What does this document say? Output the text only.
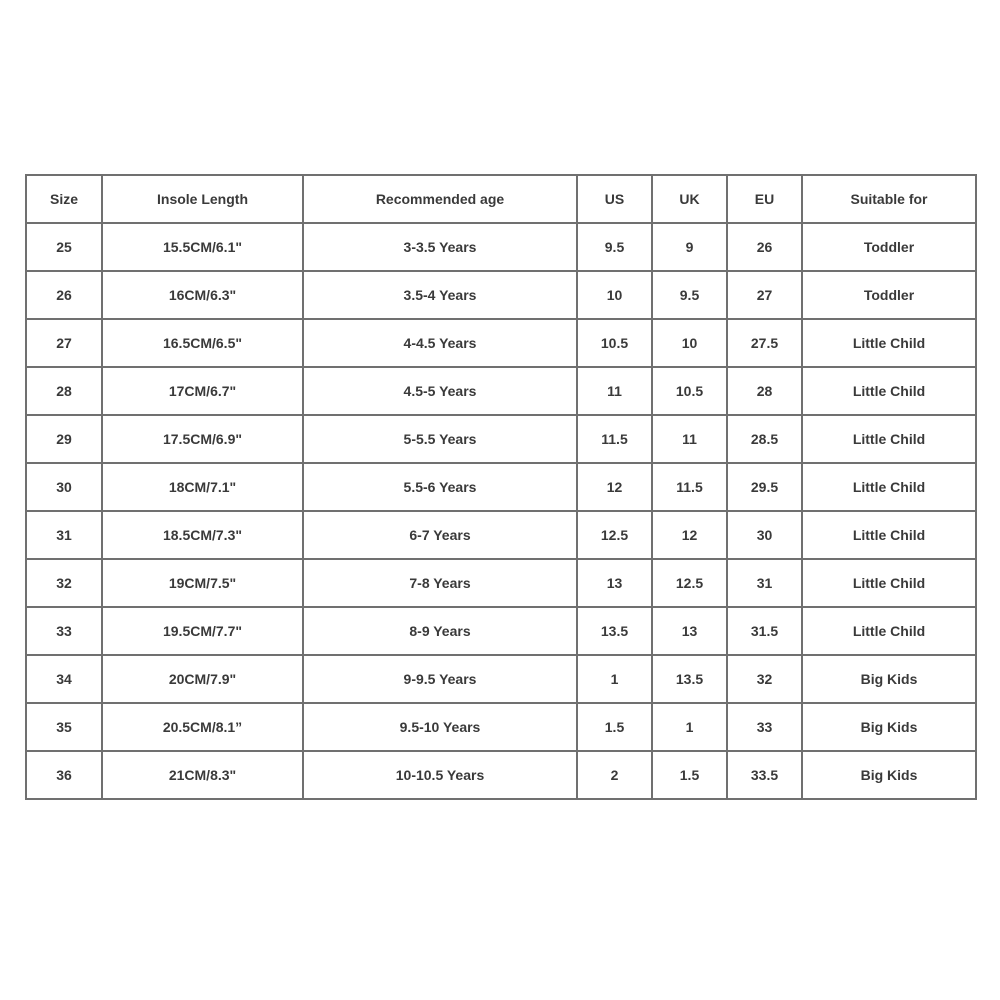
Size	Insole Length	Recommended age	US	UK	EU	Suitable for
25	15.5CM/6.1"	3-3.5 Years	9.5	9	26	Toddler
26	16CM/6.3"	3.5-4 Years	10	9.5	27	Toddler
27	16.5CM/6.5"	4-4.5 Years	10.5	10	27.5	Little Child
28	17CM/6.7"	4.5-5 Years	11	10.5	28	Little Child
29	17.5CM/6.9"	5-5.5 Years	11.5	11	28.5	Little Child
30	18CM/7.1"	5.5-6 Years	12	11.5	29.5	Little Child
31	18.5CM/7.3"	6-7 Years	12.5	12	30	Little Child
32	19CM/7.5"	7-8 Years	13	12.5	31	Little Child
33	19.5CM/7.7"	8-9 Years	13.5	13	31.5	Little Child
34	20CM/7.9"	9-9.5 Years	1	13.5	32	Big Kids
35	20.5CM/8.1”	9.5-10 Years	1.5	1	33	Big Kids
36	21CM/8.3"	10-10.5 Years	2	1.5	33.5	Big Kids
